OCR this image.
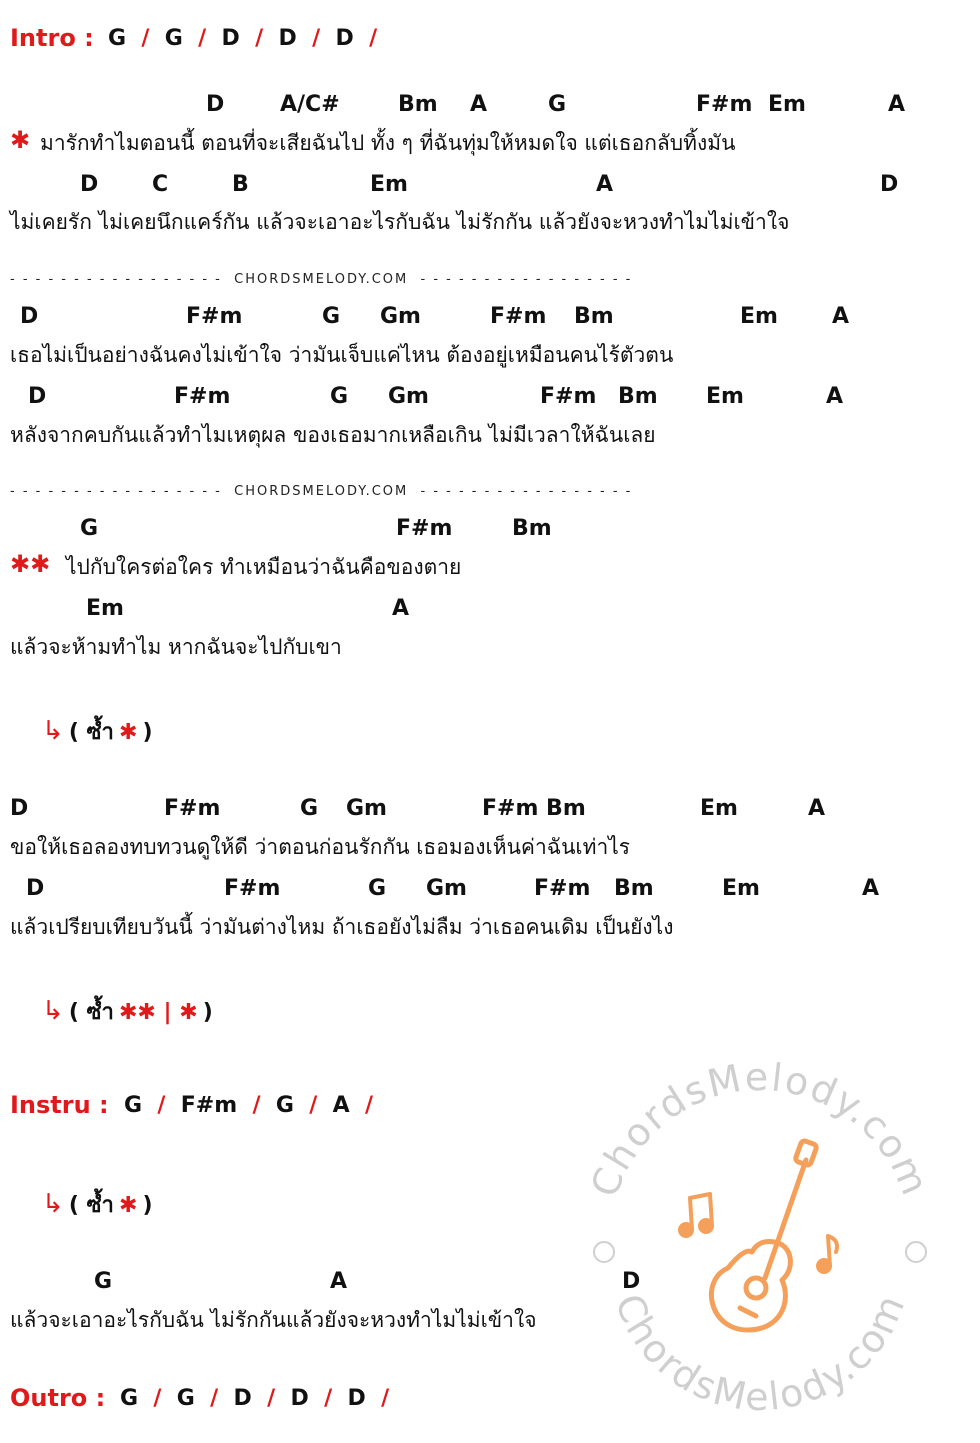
Intro : G  /  G  /  D  /  D  /  D  /
D	A/C#	Bm A	G	F#m Em	A
✱ มารักทำไมตอนนี้ ตอนที่จะเสียฉันไป ทั้ง ๆ ที่ฉันทุ่มให้หมดใจ แต่เธอกลับทิ้งมัน
D C	B	Em	A	D
ไม่เคยรัก ไม่เคยนึกแคร์กัน แล้วจะเอาอะไรกับฉัน ไม่รักกัน แล้วยังจะหวงทำไมไม่เข้าใจ
- - - - - - - - - - - - - - - - -  CHORDSMELODY.COM  - - - - - - - - - - - - - - - - -
D	F#m	G Gm	F#m Bm	Em A
เธอไม่เป็นอย่างฉันคงไม่เข้าใจ ว่ามันเจ็บแค่ไหน ต้องอยู่เหมือนคนไร้ตัวตน
D	F#m	G Gm	F#m Bm Em	A
หลังจากคบกันแล้วทำไมเหตุผล ของเธอมากเหลือเกิน ไม่มีเวลาให้ฉันเลย
- - - - - - - - - - - - - - - - -  CHORDSMELODY.COM  - - - - - - - - - - - - - - - - -
G	F#m	Bm
✱✱ ไปกับใครต่อใคร ทำเหมือนว่าฉันคือของตาย
Em	A
แล้วจะห้ามทำไม หากฉันจะไปกับเขา
↳ ( ซ้ำ ✱ )
D	F#m	G Gm	F#m Bm	Em	A
ขอให้เธอลองทบทวนดูให้ดี ว่าตอนก่อนรักกัน เธอมองเห็นค่าฉันเท่าไร
D	F#m	G Gm	F#m Bm	Em	A
แล้วเปรียบเทียบวันนี้ ว่ามันต่างไหม ถ้าเธอยังไม่ลืม ว่าเธอคนเดิม เป็นยังไง
↳ ( ซ้ำ ✱✱ | ✱ )
Instru : G  /  F#m  /  G  /  A  /
↳ ( ซ้ำ ✱ )
G	A	D
แล้วจะเอาอะไรกับฉัน ไม่รักกันแล้วยังจะหวงทำไมไม่เข้าใจ
Outro : G  /  G  /  D  /  D  /  D  /
ChordsMelody.com
ChordsMelody.com
